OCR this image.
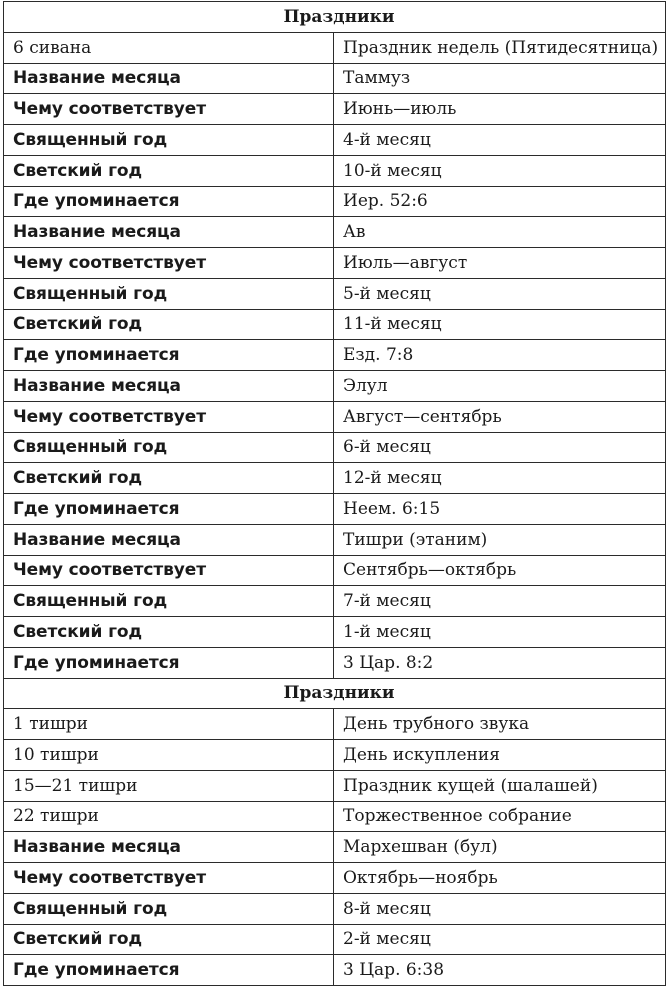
Праздники	
6 сивана	Праздник недель (Пятидесятница)
Название месяца	Таммуз
Чему соответствует	Июнь—июль
Священный год	4-й месяц
Светский год	10-й месяц
Где упоминается	Иер. 52:6
Название месяца	Ав
Чему соответствует	Июль—август
Священный год	5-й месяц
Светский год	11-й месяц
Где упоминается	Езд. 7:8
Название месяца	Элул
Чему соответствует	Август—сентябрь
Священный год	6-й месяц
Светский год	12-й месяц
Где упоминается	Неем. 6:15
Название месяца	Тишри (этаним)
Чему соответствует	Сентябрь—октябрь
Священный год	7-й месяц
Светский год	1-й месяц
Где упоминается	3 Цар. 8:2
Праздники	
1 тишри	День трубного звука
10 тишри	День искупления
15—21 тишри	Праздник кущей (шалашей)
22 тишри	Торжественное собрание
Название месяца	Мархешван (бул)
Чему соответствует	Октябрь—ноябрь
Священный год	8-й месяц
Светский год	2-й месяц
Где упоминается	3 Цар. 6:38
